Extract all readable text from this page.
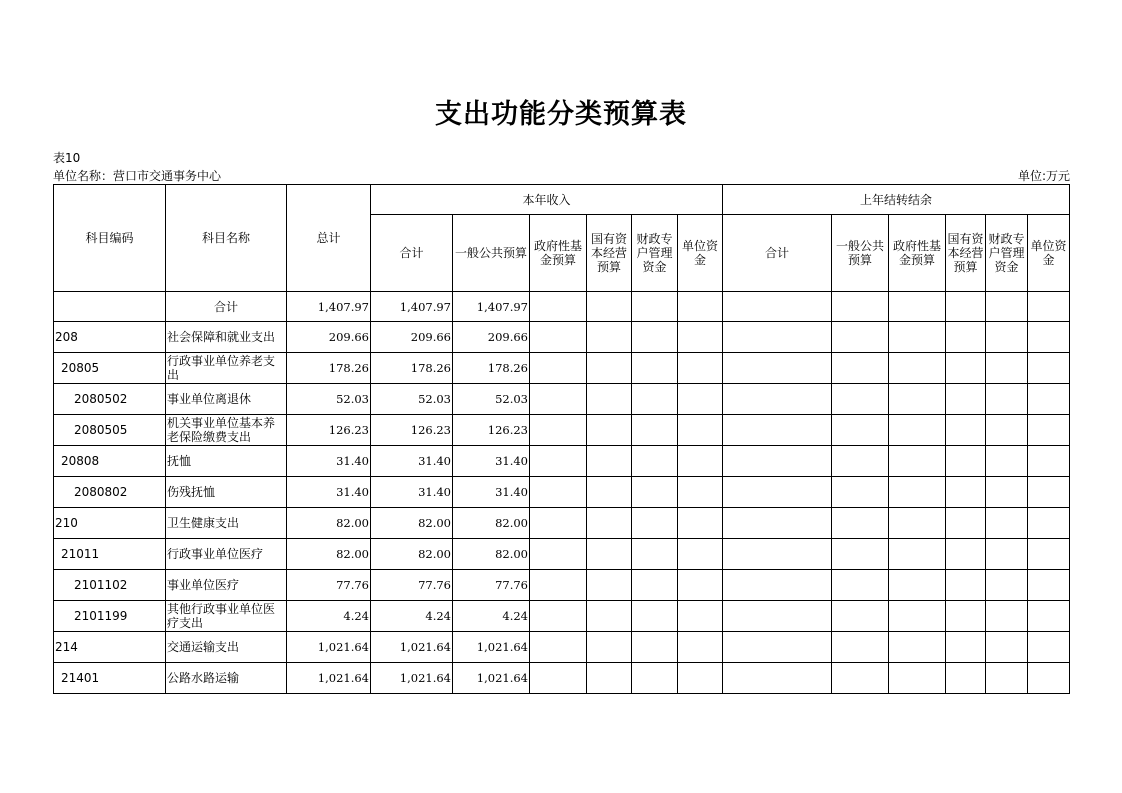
支出功能分类预算表
表10
单位名称：营口市交通事务中心	单位:万元
科目编码	科目名称	总计	本年收入						上年结转结余					
			合计	一般公共预算	政府性基金预算	国有资本经营预算	财政专户管理资金	单位资金	合计	一般公共预算	政府性基金预算	国有资本经营预算	财政专户管理资金	单位资金
	合计	1,407.97	1,407.97	1,407.97										
208	社会保障和就业支出	209.66	209.66	209.66										
20805	行政事业单位养老支出	178.26	178.26	178.26										
2080502	事业单位离退休	52.03	52.03	52.03										
2080505	机关事业单位基本养老保险缴费支出	126.23	126.23	126.23										
20808	抚恤	31.40	31.40	31.40										
2080802	伤残抚恤	31.40	31.40	31.40										
210	卫生健康支出	82.00	82.00	82.00										
21011	行政事业单位医疗	82.00	82.00	82.00										
2101102	事业单位医疗	77.76	77.76	77.76										
2101199	其他行政事业单位医疗支出	4.24	4.24	4.24										
214	交通运输支出	1,021.64	1,021.64	1,021.64										
21401	公路水路运输	1,021.64	1,021.64	1,021.64										
